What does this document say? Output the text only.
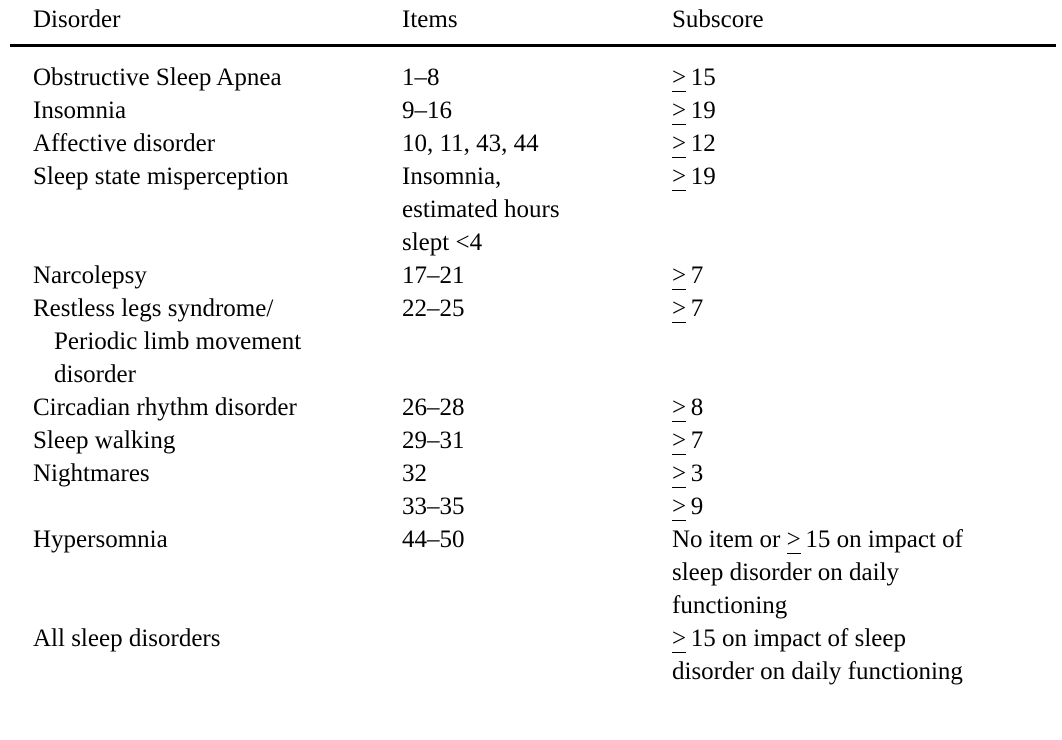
Disorder	Items	Subscore

Obstructive Sleep Apnea	1–8	> 15

Insomnia	9–16	> 19

Affective disorder	10, 11, 43, 44	> 12

Sleep state misperception	Insomnia,
estimated hours
slept <4	> 19

Narcolepsy	17–21	> 7

Restless legs syndrome/
Periodic limb movement
disorder	22–25	> 7

Circadian rhythm disorder	26–28	> 8

Sleep walking	29–31	> 7

Nightmares	32	> 3

	33–35	> 9

Hypersomnia	44–50	No item or > 15 on impact of
sleep disorder on daily
functioning

All sleep disorders		> 15 on impact of sleep
disorder on daily functioning
